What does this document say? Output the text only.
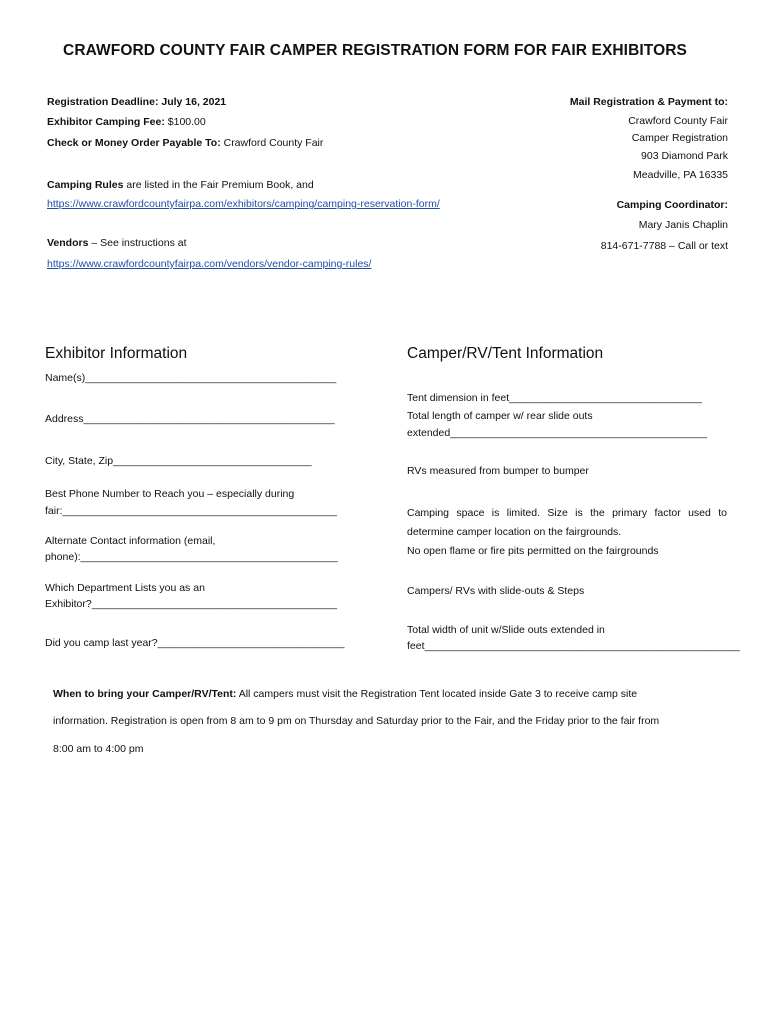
CRAWFORD COUNTY FAIR CAMPER REGISTRATION FORM FOR FAIR EXHIBITORS
Registration Deadline: July 16, 2021
Exhibitor Camping Fee: $100.00
Check or Money Order Payable To: Crawford County Fair
Camping Rules are listed in the Fair Premium Book, and
https://www.crawfordcountyfairpa.com/exhibitors/camping/camping-reservation-form/
Vendors – See instructions at
https://www.crawfordcountyfairpa.com/vendors/vendor-camping-rules/
Mail Registration & Payment to:
Crawford County Fair
Camper Registration
903 Diamond Park
Meadville, PA 16335
Camping Coordinator:
Mary Janis Chaplin
814-671-7788 – Call or text
Exhibitor Information
Name(s)___________________________________________
Address___________________________________________
City, State, Zip__________________________________
Best Phone Number to Reach you – especially during
fair:_______________________________________________
Alternate Contact information (email,
phone):____________________________________________
Which Department Lists you as an
Exhibitor?__________________________________________
Did you camp last year?________________________________
Camper/RV/Tent Information
Tent dimension in feet_________________________________
Total length of camper w/ rear slide outs
extended____________________________________________
RVs measured from bumper to bumper
Camping space is limited. Size is the primary factor used to determine camper location on the fairgrounds.
No open flame or fire pits permitted on the fairgrounds
Campers/ RVs with slide-outs & Steps
Total width of unit w/Slide outs extended in
feet______________________________________________________
When to bring your Camper/RV/Tent: All campers must visit the Registration Tent located inside Gate 3 to receive camp site
information. Registration is open from 8 am to 9 pm on Thursday and Saturday prior to the Fair, and the Friday prior to the fair from
8:00 am to 4:00 pm
